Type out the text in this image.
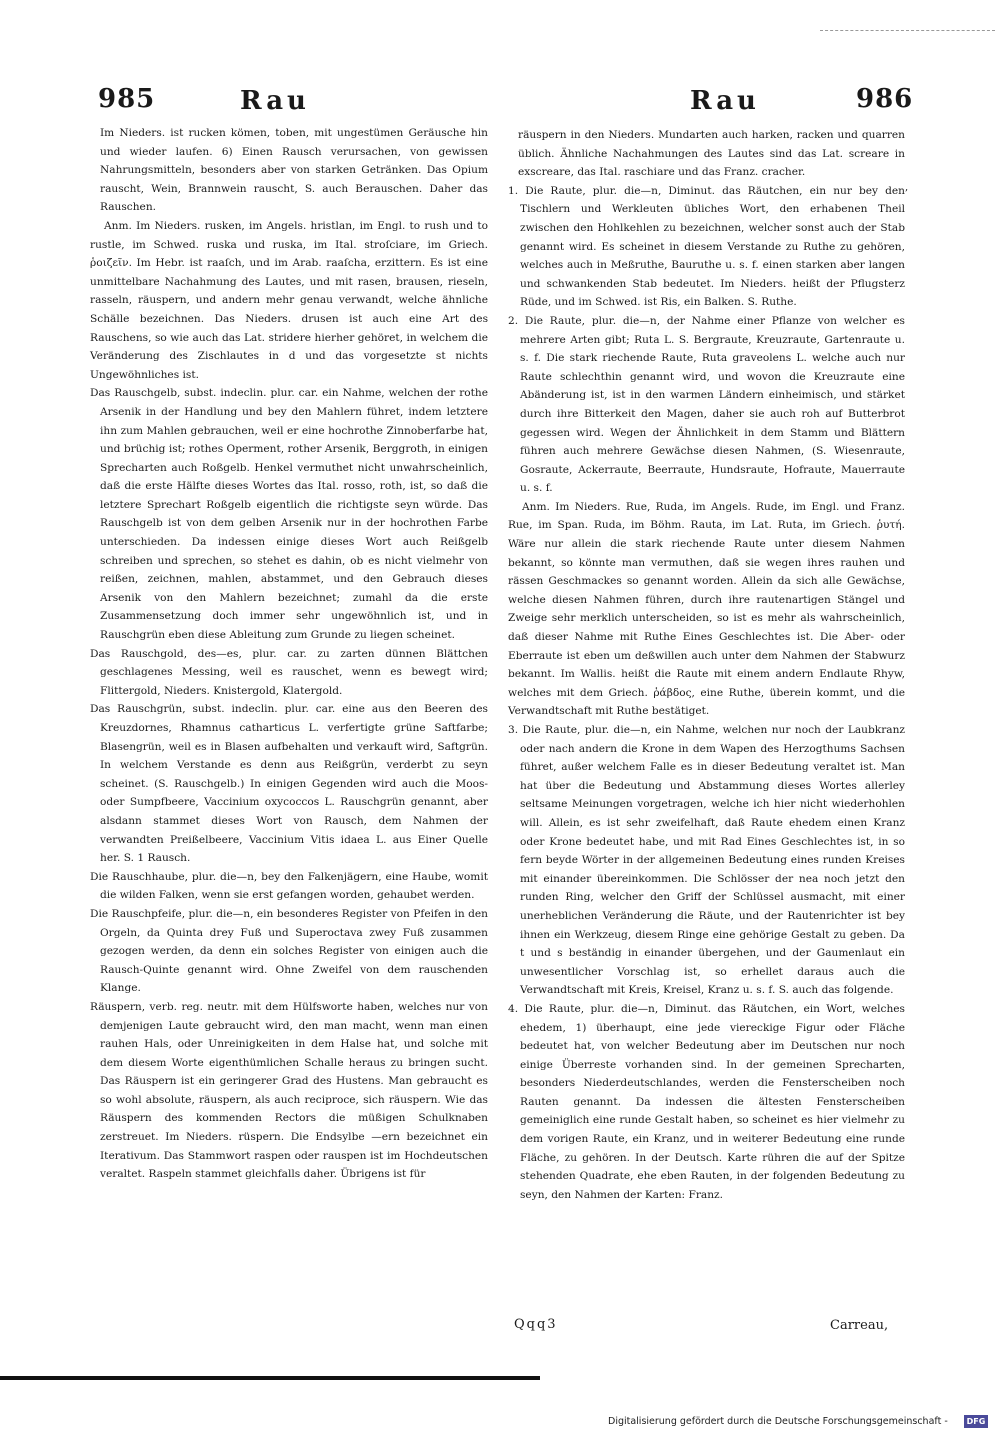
985	Rau	Rau	986

Im Nieders. ist rucken kömen, toben, mit ungestümen Geräusche hin und wieder laufen. 6) Einen Rausch verursachen, von gewissen Nahrungsmitteln, besonders aber von starken Getränken. Das Opium rauscht, Wein, Brannwein rauscht, S. auch Berauschen. Daher das Rauschen.

Anm. Im Nieders. rusken, im Angels. hristlan, im Engl. to rush und to rustle, im Schwed. ruska und ruska, im Ital. stroſciare, im Griech. ῥοιζεῖν. Im Hebr. ist raaſch, und im Arab. raaſcha, erzittern. Es ist eine unmittelbare Nachahmung des Lautes, und mit rasen, brausen, rieseln, rasseln, räuspern, und andern mehr genau verwandt, welche ähnliche Schälle bezeichnen. Das Nieders. drusen ist auch eine Art des Rauschens, so wie auch das Lat. stridere hierher gehöret, in welchem die Veränderung des Zischlautes in d und das vorgesetzte st nichts Ungewöhnliches ist.

Das Rauschgelb, subst. indeclin. plur. car. ein Nahme, welchen der rothe Arsenik in der Handlung und bey den Mahlern führet, indem letztere ihn zum Mahlen gebrauchen, weil er eine hochrothe Zinnoberfarbe hat, und brüchig ist; rothes Operment, rother Arsenik, Berggroth, in einigen Sprecharten auch Roßgelb. Henkel vermuthet nicht unwahrscheinlich, daß die erste Hälfte dieses Wortes das Ital. rosso, roth, ist, so daß die letztere Sprechart Roßgelb eigentlich die richtigste seyn würde. Das Rauschgelb ist von dem gelben Arsenik nur in der hochrothen Farbe unterschieden. Da indessen einige dieses Wort auch Reißgelb schreiben und sprechen, so stehet es dahin, ob es nicht vielmehr von reißen, zeichnen, mahlen, abstammet, und den Gebrauch dieses Arsenik von den Mahlern bezeichnet; zumahl da die erste Zusammensetzung doch immer sehr ungewöhnlich ist, und in Rauschgrün eben diese Ableitung zum Grunde zu liegen scheinet.

Das Rauschgold, des—es, plur. car. zu zarten dünnen Blättchen geschlagenes Messing, weil es rauschet, wenn es bewegt wird; Flittergold, Nieders. Knistergold, Klatergold.

Das Rauschgrün, subst. indeclin. plur. car. eine aus den Beeren des Kreuzdornes, Rhamnus catharticus L. verfertigte grüne Saftfarbe; Blasengrün, weil es in Blasen aufbehalten und verkauft wird, Saftgrün. In welchem Verstande es denn aus Reißgrün, verderbt zu seyn scheinet. (S. Rauschgelb.) In einigen Gegenden wird auch die Moos- oder Sumpfbeere, Vaccinium oxycoccos L. Rauschgrün genannt, aber alsdann stammet dieses Wort von Rausch, dem Nahmen der verwandten Preißelbeere, Vaccinium Vitis idaea L. aus Einer Quelle her. S. 1 Rausch.

Die Rauschhaube, plur. die—n, bey den Falkenjägern, eine Haube, womit die wilden Falken, wenn sie erst gefangen worden, gehaubet werden.

Die Rauschpfeife, plur. die—n, ein besonderes Register von Pfeifen in den Orgeln, da Quinta drey Fuß und Superoctava zwey Fuß zusammen gezogen werden, da denn ein solches Register von einigen auch die Rausch-Quinte genannt wird. Ohne Zweifel von dem rauschenden Klange.

Räuspern, verb. reg. neutr. mit dem Hülfsworte haben, welches nur von demjenigen Laute gebraucht wird, den man macht, wenn man einen rauhen Hals, oder Unreinigkeiten in dem Halse hat, und solche mit dem diesem Worte eigenthümlichen Schalle heraus zu bringen sucht. Das Räuspern ist ein geringerer Grad des Hustens. Man gebraucht es so wohl absolute, räuspern, als auch reciproce, sich räuspern. Wie das Räuspern des kommenden Rectors die müßigen Schulknaben zerstreuet. Im Nieders. rüspern. Die Endsylbe —ern bezeichnet ein Iterativum. Das Stammwort raspen oder rauspen ist im Hochdeutschen veraltet. Raspeln stammet gleichfalls daher. Übrigens ist für

räuspern in den Nieders. Mundarten auch harken, racken und quarren üblich. Ähnliche Nachahmungen des Lautes sind das Lat. screare in exscreare, das Ital. raschiare und das Franz. cracher.

1. Die Raute, plur. die—n, Diminut. das Räutchen, ein nur bey den Tischlern und Werkleuten übliches Wort, den erhabenen Theil zwischen den Hohlkehlen zu bezeichnen, welcher sonst auch der Stab genannt wird. Es scheinet in diesem Verstande zu Ruthe zu gehören, welches auch in Meßruthe, Bauruthe u. s. f. einen starken aber langen und schwankenden Stab bedeutet. Im Nieders. heißt der Pflugsterz Rüde, und im Schwed. ist Ris, ein Balken. S. Ruthe.

2. Die Raute, plur. die—n, der Nahme einer Pflanze von welcher es mehrere Arten gibt; Ruta L. S. Bergraute, Kreuzraute, Gartenraute u. s. f. Die stark riechende Raute, Ruta graveolens L. welche auch nur Raute schlechthin genannt wird, und wovon die Kreuzraute eine Abänderung ist, ist in den warmen Ländern einheimisch, und stärket durch ihre Bitterkeit den Magen, daher sie auch roh auf Butterbrot gegessen wird. Wegen der Ähnlichkeit in dem Stamm und Blättern führen auch mehrere Gewächse diesen Nahmen, (S. Wiesenraute, Gosraute, Ackerraute, Beerraute, Hundsraute, Hofraute, Mauerraute u. s. f.

Anm. Im Nieders. Rue, Ruda, im Angels. Rude, im Engl. und Franz. Rue, im Span. Ruda, im Böhm. Rauta, im Lat. Ruta, im Griech. ῥυτή. Wäre nur allein die stark riechende Raute unter diesem Nahmen bekannt, so könnte man vermuthen, daß sie wegen ihres rauhen und rässen Geschmackes so genannt worden. Allein da sich alle Gewächse, welche diesen Nahmen führen, durch ihre rautenartigen Stängel und Zweige sehr merklich unterscheiden, so ist es mehr als wahrscheinlich, daß dieser Nahme mit Ruthe Eines Geschlechtes ist. Die Aber- oder Eberraute ist eben um deßwillen auch unter dem Nahmen der Stabwurz bekannt. Im Wallis. heißt die Raute mit einem andern Endlaute Rhyw, welches mit dem Griech. ῥάβδος, eine Ruthe, überein kommt, und die Verwandtschaft mit Ruthe bestätiget.

3. Die Raute, plur. die—n, ein Nahme, welchen nur noch der Laubkranz oder nach andern die Krone in dem Wapen des Herzogthums Sachsen führet, außer welchem Falle es in dieser Bedeutung veraltet ist. Man hat über die Bedeutung und Abstammung dieses Wortes allerley seltsame Meinungen vorgetragen, welche ich hier nicht wiederhohlen will. Allein, es ist sehr zweifelhaft, daß Raute ehedem einen Kranz oder Krone bedeutet habe, und mit Rad Eines Geschlechtes ist, in so fern beyde Wörter in der allgemeinen Bedeutung eines runden Kreises mit einander übereinkommen. Die Schlösser der nea noch jetzt den runden Ring, welcher den Griff der Schlüssel ausmacht, mit einer unerheblichen Veränderung die Räute, und der Rautenrichter ist bey ihnen ein Werkzeug, diesem Ringe eine gehörige Gestalt zu geben. Da t und s beständig in einander übergehen, und der Gaumenlaut ein unwesentlicher Vorschlag ist, so erhellet daraus auch die Verwandtschaft mit Kreis, Kreisel, Kranz u. s. f. S. auch das folgende.

4. Die Raute, plur. die—n, Diminut. das Räutchen, ein Wort, welches ehedem, 1) überhaupt, eine jede viereckige Figur oder Fläche bedeutet hat, von welcher Bedeutung aber im Deutschen nur noch einige Überreste vorhanden sind. In der gemeinen Sprecharten, besonders Niederdeutschlandes, werden die Fensterscheiben noch Rauten genannt. Da indessen die ältesten Fensterscheiben gemeiniglich eine runde Gestalt haben, so scheinet es hier vielmehr zu dem vorigen Raute, ein Kranz, und in weiterer Bedeutung eine runde Fläche, zu gehören. In der Deutsch. Karte rühren die auf der Spitze stehenden Quadrate, ehe eben Rauten, in der folgenden Bedeutung zu seyn, den Nahmen der Karten: Franz.

,
Qqq3	Carreau,
Digitalisierung gefördert durch die Deutsche Forschungsgemeinschaft -	DFG
